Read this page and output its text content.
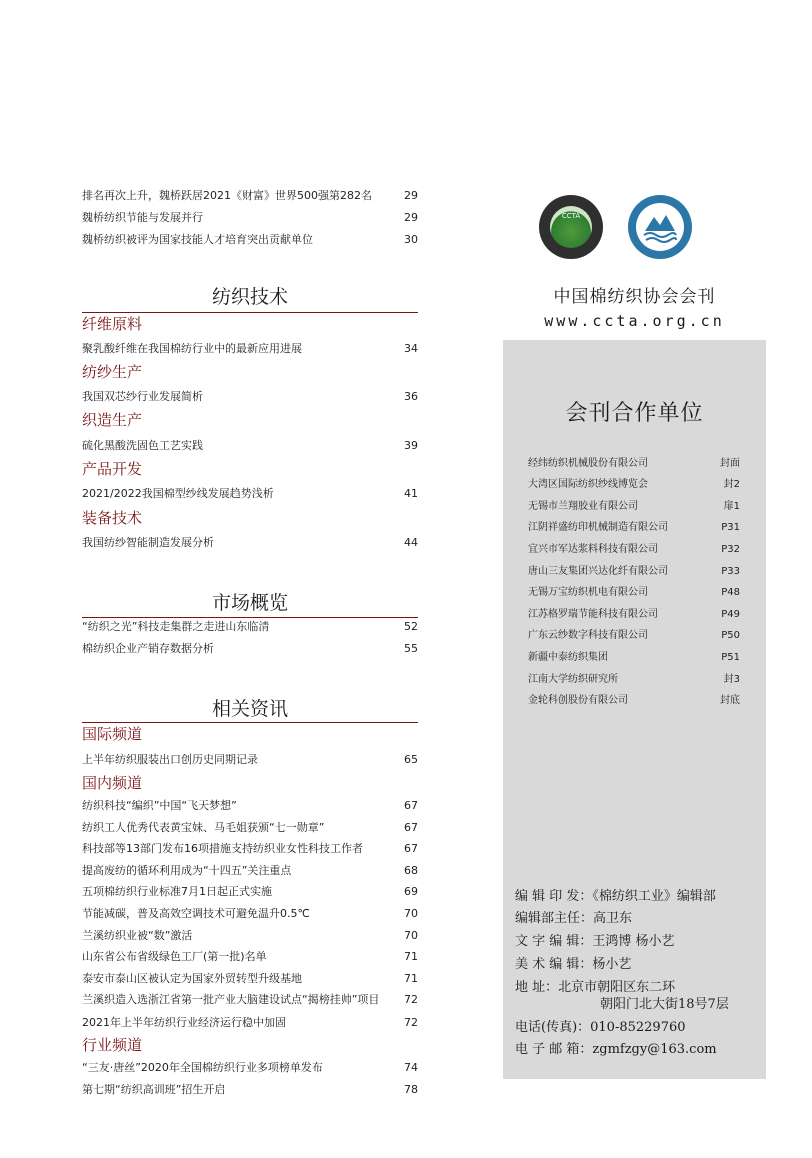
排名再次上升，魏桥跃居2021《财富》世界500强第282名	29
魏桥纺织节能与发展并行	29
魏桥纺织被评为国家技能人才培育突出贡献单位	30
纺织技术
纤维原料
聚乳酸纤维在我国棉纺行业中的最新应用进展	34
纺纱生产
我国双芯纱行业发展简析	36
织造生产
硫化黑酸洗固色工艺实践	39
产品开发
2021/2022我国棉型纱线发展趋势浅析	41
装备技术
我国纺纱智能制造发展分析	44
市场概览
“纺织之光”科技走集群之走进山东临清	52
棉纺织企业产销存数据分析	55
相关资讯
国际频道
上半年纺织服装出口创历史同期记录	65
国内频道
纺织科技“编织”中国“飞天梦想”	67
纺织工人优秀代表黄宝妹、马毛姐获颁“七一勋章”	67
科技部等13部门发布16项措施支持纺织业女性科技工作者	67
提高废纺的循环利用成为“十四五”关注重点	68
五项棉纺织行业标准7月1日起正式实施	69
节能减碳，普及高效空调技术可避免温升0.5℃	70
兰溪纺织业被“数”激活	70
山东省公布省级绿色工厂(第一批)名单	71
泰安市泰山区被认定为国家外贸转型升级基地	71
兰溪织造入选浙江省第一批产业大脑建设试点“揭榜挂帅”项目 72
2021年上半年纺织行业经济运行稳中加固	72
行业频道
“三友·唐丝”2020年全国棉纺织行业多项榜单发布	74
第七期“纺织高训班”招生开启	78
CCTA
中国棉纺织协会会刊
www.ccta.org.cn
会刊合作单位
经纬纺织机械股份有限公司	封面
大湾区国际纺织纱线博览会	封2
无锡市兰翔胶业有限公司	扉1
江阴祥盛纺印机械制造有限公司	P31
宜兴市军达浆料科技有限公司	P32
唐山三友集团兴达化纤有限公司	P33
无锡万宝纺织机电有限公司	P48
江苏格罗瑞节能科技有限公司	P49
广东云纱数字科技有限公司	P50
新疆中泰纺织集团	P51
江南大学纺织研究所	封3
金轮科创股份有限公司	封底
编 辑 印 发：《棉纺织工业》编辑部
编辑部主任：高卫东
文 字 编 辑：王鸿博 杨小艺
美 术 编 辑：杨小艺
地 址：北京市朝阳区东二环
朝阳门北大街18号7层
电话(传真)：010-85229760
电 子 邮 箱：zgmfzgy@163.com
